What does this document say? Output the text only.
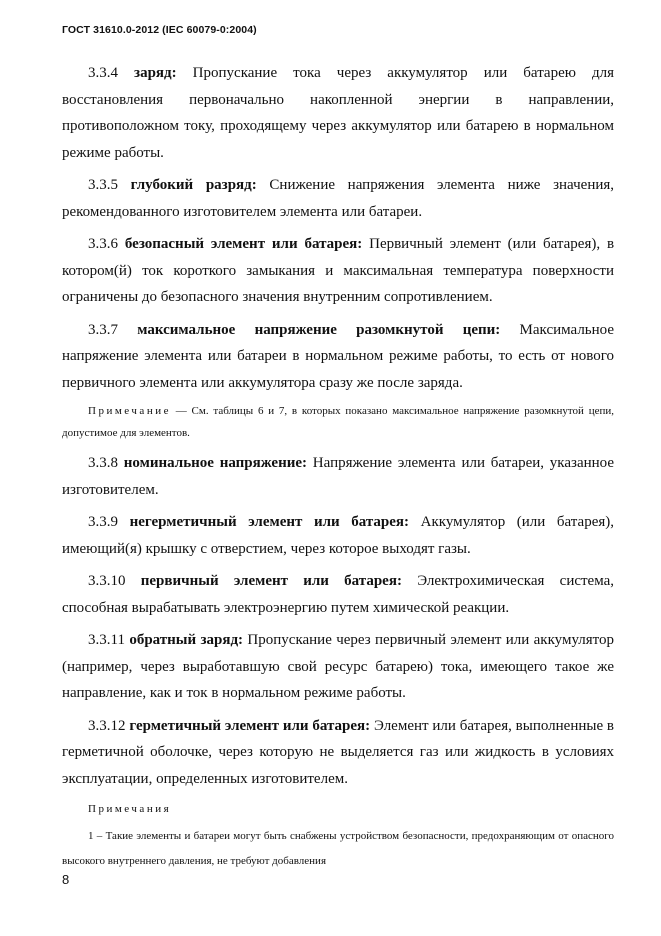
ГОСТ 31610.0-2012 (IEC 60079-0:2004)

3.3.4 заряд: Пропускание тока через аккумулятор или батарею для восстановления первоначально накопленной энергии в направлении, противоположном току, проходящему через аккумулятор или батарею в нормальном режиме работы.

3.3.5 глубокий разряд: Снижение напряжения элемента ниже значения, рекомендованного изготовителем элемента или батареи.

3.3.6 безопасный элемент или батарея: Первичный элемент (или батарея), в котором(й) ток короткого замыкания и максимальная температура поверхности ограничены до безопасного значения внутренним сопротивлением.

3.3.7 максимальное напряжение разомкнутой цепи: Максимальное напряжение элемента или батареи в нормальном режиме работы, то есть от нового первичного элемента или аккумулятора сразу же после заряда.

Примечание — См. таблицы 6 и 7, в которых показано максимальное напряжение разомкнутой цепи, допустимое для элементов.

3.3.8 номинальное напряжение: Напряжение элемента или батареи, указанное изготовителем.

3.3.9 негерметичный элемент или батарея: Аккумулятор (или батарея), имеющий(я) крышку с отверстием, через которое выходят газы.

3.3.10 первичный элемент или батарея: Электрохимическая система, способная вырабатывать электроэнергию путем химической реакции.

3.3.11 обратный заряд: Пропускание через первичный элемент или аккумулятор (например, через выработавшую свой ресурс батарею) тока, имеющего такое же направление, как и ток в нормальном режиме работы.

3.3.12 герметичный элемент или батарея: Элемент или батарея, выполненные в герметичной оболочке, через которую не выделяется газ или жидкость в условиях эксплуатации, определенных изготовителем.

Примечания

1 – Такие элементы и батареи могут быть снабжены устройством безопасности, предохраняющим от опасного высокого внутреннего давления, не требуют добавления

8
